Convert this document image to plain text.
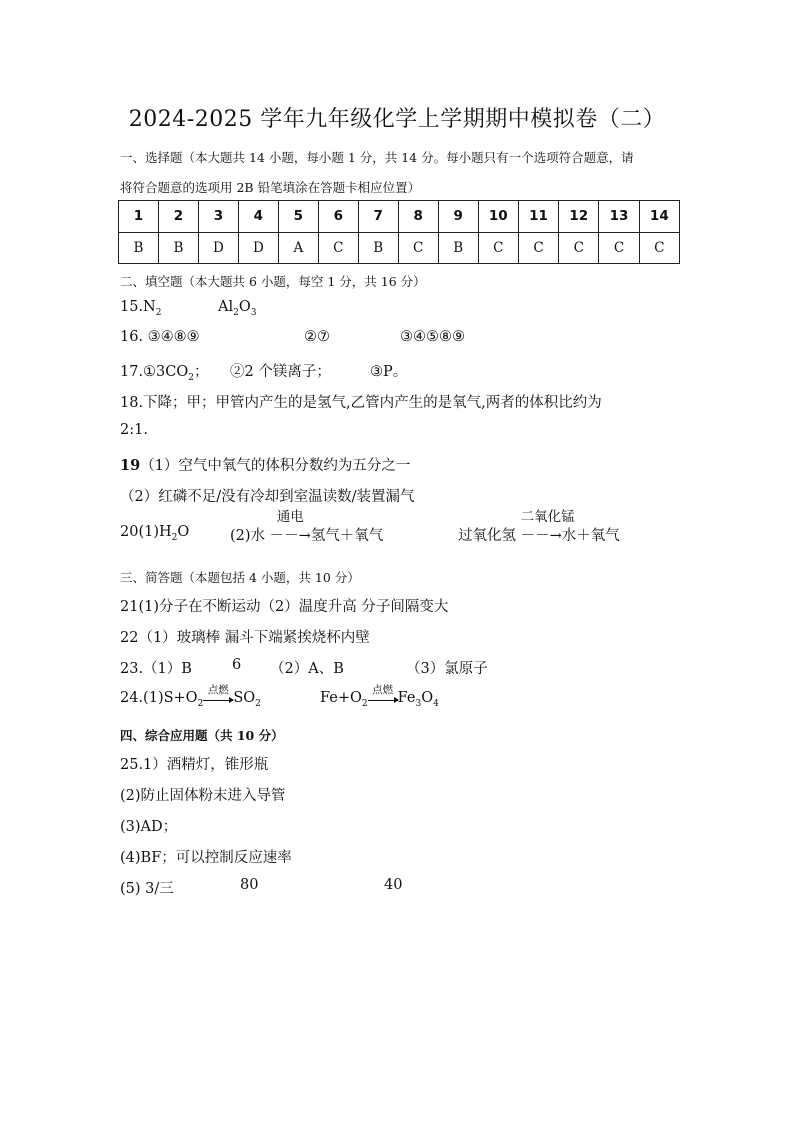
2024-2025 学年九年级化学上学期期中模拟卷（二）
一、选择题（本大题共 14 小题，每小题 1 分，共 14 分。每小题只有一个选项符合题意，请
将符合题意的选项用 2B 铅笔填涂在答题卡相应位置）
1	2	3	4	5	6	7	8	9	10	11	12	13	14
B	B	D	D	A	C	B	C	B	C	C	C	C	C
二、填空题（本大题共 6 小题，每空 1 分，共 16 分）
$15.N_2$	$Al_2O_3$
16. ③④⑧⑨	②⑦	③④⑤⑧⑨
$17.①3CO_2$； ②2 个镁离子；	③P。
18.下降；甲；甲管内产生的是氢气,乙管内产生的是氧气,两者的体积比约为
2:1.
19（1）空气中氧气的体积分数约为五分之一
（2）红磷不足/没有冷却到室温读数/装置漏气
$20(1)H_2O$	(2)水
通电
－－→氢气＋氧气	过氧化氢
二氧化锰
－－→水＋氧气
三、简答题（本题包括 4 小题，共 10 分）
21(1)分子在不断运动（2）温度升高 分子间隔变大
22（1）玻璃棒 漏斗下端紧挨烧杯内壁
23.（1）B	6 （2）A、B	（3）氯原子
$24.(1)S+O_2$
点燃 $SO_2$	$Fe+O_2$
点燃 $Fe_3O_4$
四、综合应用题（共 10 分）
25.1）酒精灯，锥形瓶
(2)防止固体粉末进入导管
(3)AD；
(4)BF；可以控制反应速率
(5) 3/三	80	40
